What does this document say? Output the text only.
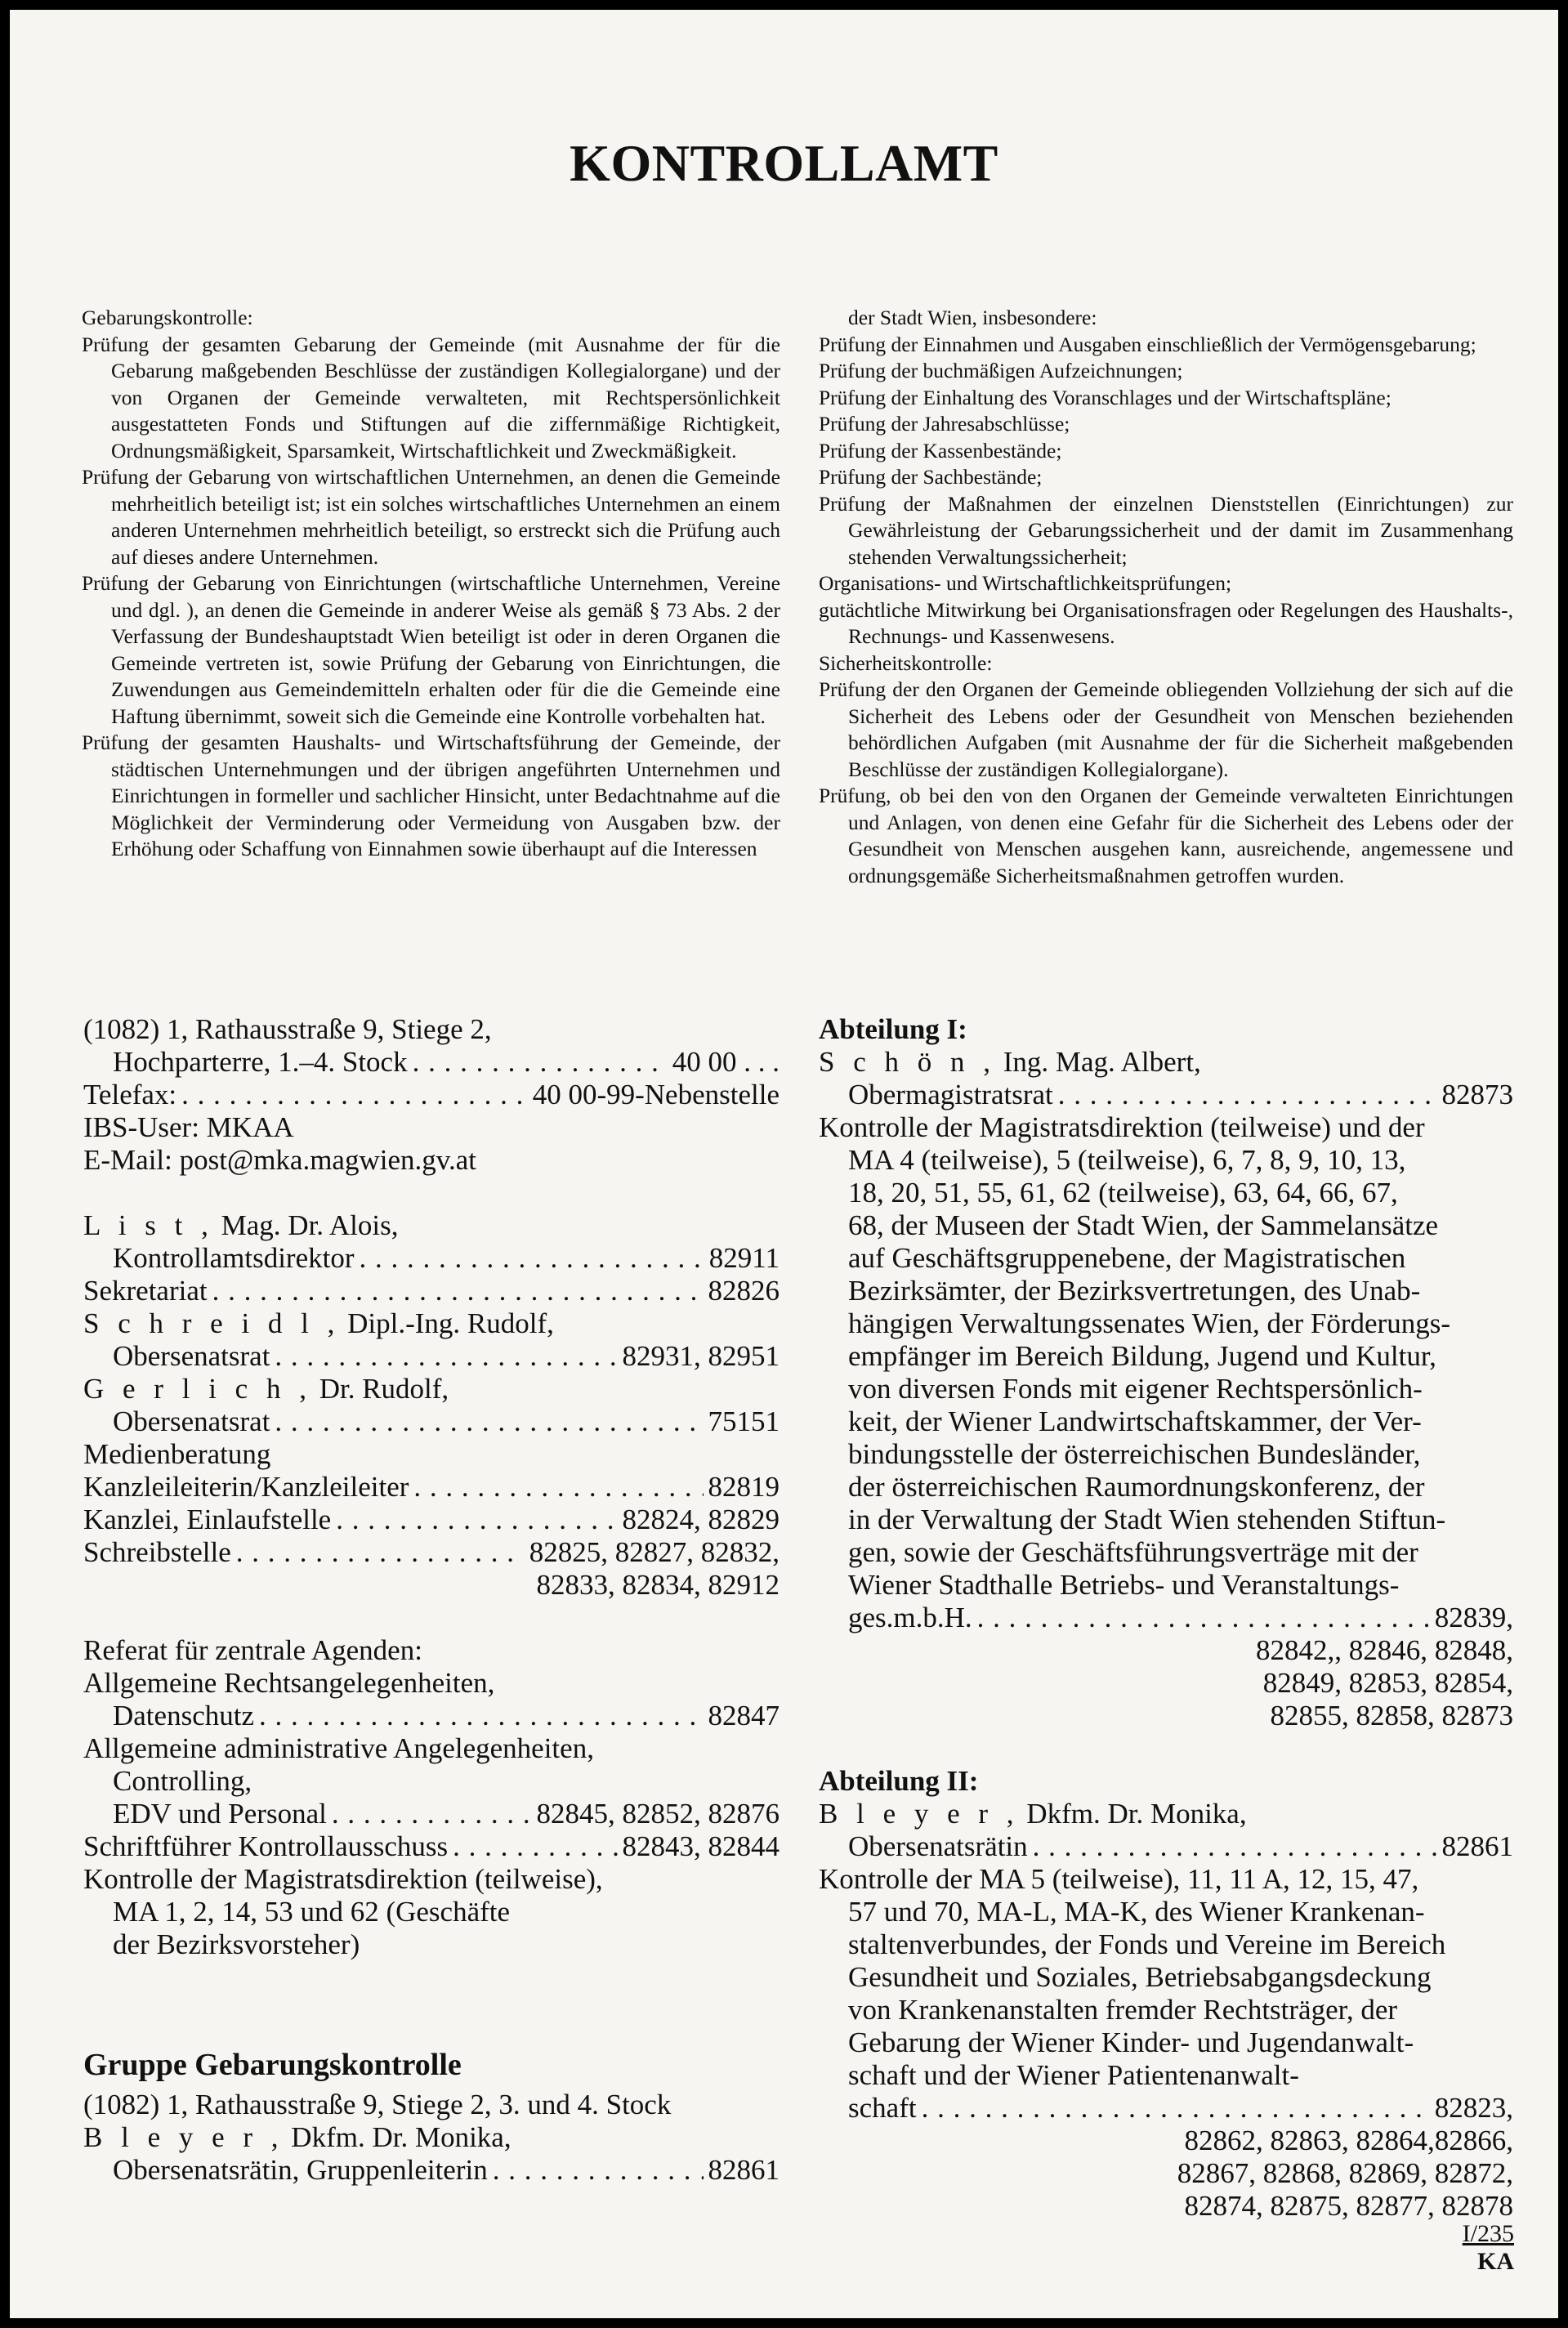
KONTROLLAMT
Gebarungskontrolle:
Prüfung der gesamten Gebarung der Gemeinde (mit Ausnahme der für die Gebarung maßgebenden Beschlüsse der zuständigen Kollegialorgane) und der von Organen der Gemeinde verwalteten, mit Rechtspersönlichkeit ausgestatteten Fonds und Stiftungen auf die ziffernmäßige Richtigkeit, Ordnungsmäßigkeit, Sparsamkeit, Wirtschaftlichkeit und Zweckmäßigkeit.
Prüfung der Gebarung von wirtschaftlichen Unternehmen, an denen die Gemeinde mehrheitlich beteiligt ist; ist ein solches wirtschaftliches Unternehmen an einem anderen Unternehmen mehrheitlich beteiligt, so erstreckt sich die Prüfung auch auf dieses andere Unternehmen.
Prüfung der Gebarung von Einrichtungen (wirtschaftliche Unternehmen, Vereine und dgl. ), an denen die Gemeinde in anderer Weise als gemäß § 73 Abs. 2 der Verfassung der Bundeshauptstadt Wien beteiligt ist oder in deren Organen die Gemeinde vertreten ist, sowie Prüfung der Gebarung von Einrichtungen, die Zuwendungen aus Gemeindemitteln erhalten oder für die die Gemeinde eine Haftung übernimmt, soweit sich die Gemeinde eine Kontrolle vorbehalten hat.
Prüfung der gesamten Haushalts- und Wirtschaftsführung der Gemeinde, der städtischen Unternehmungen und der übrigen angeführten Unternehmen und Einrichtungen in formeller und sachlicher Hinsicht, unter Bedachtnahme auf die Möglichkeit der Verminderung oder Vermeidung von Ausgaben bzw. der Erhöhung oder Schaffung von Einnahmen sowie überhaupt auf die Interessen
der Stadt Wien, insbesondere:
Prüfung der Einnahmen und Ausgaben einschließlich der Vermögensgebarung;
Prüfung der buchmäßigen Aufzeichnungen;
Prüfung der Einhaltung des Voranschlages und der Wirtschaftspläne;
Prüfung der Jahresabschlüsse;
Prüfung der Kassenbestände;
Prüfung der Sachbestände;
Prüfung der Maßnahmen der einzelnen Dienststellen (Einrichtungen) zur Gewährleistung der Gebarungssicherheit und der damit im Zusammenhang stehenden Verwaltungssicherheit;
Organisations- und Wirtschaftlichkeitsprüfungen;
gutächtliche Mitwirkung bei Organisationsfragen oder Regelungen des Haushalts-, Rechnungs- und Kassenwesens.
Sicherheitskontrolle:
Prüfung der den Organen der Gemeinde obliegenden Vollziehung der sich auf die Sicherheit des Lebens oder der Gesundheit von Menschen beziehenden behördlichen Aufgaben (mit Ausnahme der für die Sicherheit maßgebenden Beschlüsse der zuständigen Kollegialorgane).
Prüfung, ob bei den von den Organen der Gemeinde verwalteten Einrichtungen und Anlagen, von denen eine Gefahr für die Sicherheit des Lebens oder der Gesundheit von Menschen ausgehen kann, ausreichende, angemessene und ordnungsgemäße Sicherheitsmaßnahmen getroffen wurden.
(1082) 1, Rathausstraße 9, Stiege 2,
Hochparterre, 1.–4. Stock . . .	40 00 . . .
Telefax: . . .	40 00-99-Nebenstelle
IBS-User: MKAA
E-Mail: post@mka.magwien.gv.at
L i s t , Mag. Dr. Alois,
Kontrollamtsdirektor . . .	82911
Sekretariat . . .	82826
S c h r e i d l , Dipl.-Ing. Rudolf,
Obersenatsrat . . .	82931, 82951
G e r l i c h , Dr. Rudolf,
Obersenatsrat . . .	75151
Medienberatung
Kanzleileiterin/Kanzleileiter . . .	82819
Kanzlei, Einlaufstelle . . .	82824, 82829
Schreibstelle . . .	82825, 82827, 82832,
82833, 82834, 82912
Referat für zentrale Agenden:
Allgemeine Rechtsangelegenheiten,
Datenschutz . . .	82847
Allgemeine administrative Angelegenheiten,
Controlling,
EDV und Personal . . .	82845, 82852, 82876
Schriftführer Kontrollausschuss . . .	82843, 82844
Kontrolle der Magistratsdirektion (teilweise),
MA 1, 2, 14, 53 und 62 (Geschäfte
der Bezirksvorsteher)
Gruppe Gebarungskontrolle
(1082) 1, Rathausstraße 9, Stiege 2, 3. und 4. Stock
B l e y e r , Dkfm. Dr. Monika,
Obersenatsrätin, Gruppenleiterin . . .	82861
Abteilung I:
S c h ö n , Ing. Mag. Albert,
Obermagistratsrat . . .	82873
Kontrolle der Magistratsdirektion (teilweise) und der
MA 4 (teilweise), 5 (teilweise), 6, 7, 8, 9, 10, 13,
18, 20, 51, 55, 61, 62 (teilweise), 63, 64, 66, 67,
68, der Museen der Stadt Wien, der Sammelansätze
auf Geschäftsgruppenebene, der Magistratischen
Bezirksämter, der Bezirksvertretungen, des Unab-
hängigen Verwaltungssenates Wien, der Förderungs-
empfänger im Bereich Bildung, Jugend und Kultur,
von diversen Fonds mit eigener Rechtspersönlich-
keit, der Wiener Landwirtschaftskammer, der Ver-
bindungsstelle der österreichischen Bundesländer,
der österreichischen Raumordnungskonferenz, der
in der Verwaltung der Stadt Wien stehenden Stiftun-
gen, sowie der Geschäftsführungsverträge mit der
Wiener Stadthalle Betriebs- und Veranstaltungs-
ges.m.b.H. . . .	82839,
82842,, 82846, 82848,
82849, 82853, 82854,
82855, 82858, 82873
Abteilung II:
B l e y e r , Dkfm. Dr. Monika,
Obersenatsrätin . . .	82861
Kontrolle der MA 5 (teilweise), 11, 11 A, 12, 15, 47,
57 und 70, MA-L, MA-K, des Wiener Krankenan-
staltenverbundes, der Fonds und Vereine im Bereich
Gesundheit und Soziales, Betriebsabgangsdeckung
von Krankenanstalten fremder Rechtsträger, der
Gebarung der Wiener Kinder- und Jugendanwalt-
schaft und der Wiener Patientenanwalt-
schaft . . .	82823,
82862, 82863, 82864,82866,
82867, 82868, 82869, 82872,
82874, 82875, 82877, 82878
I/235
KA
